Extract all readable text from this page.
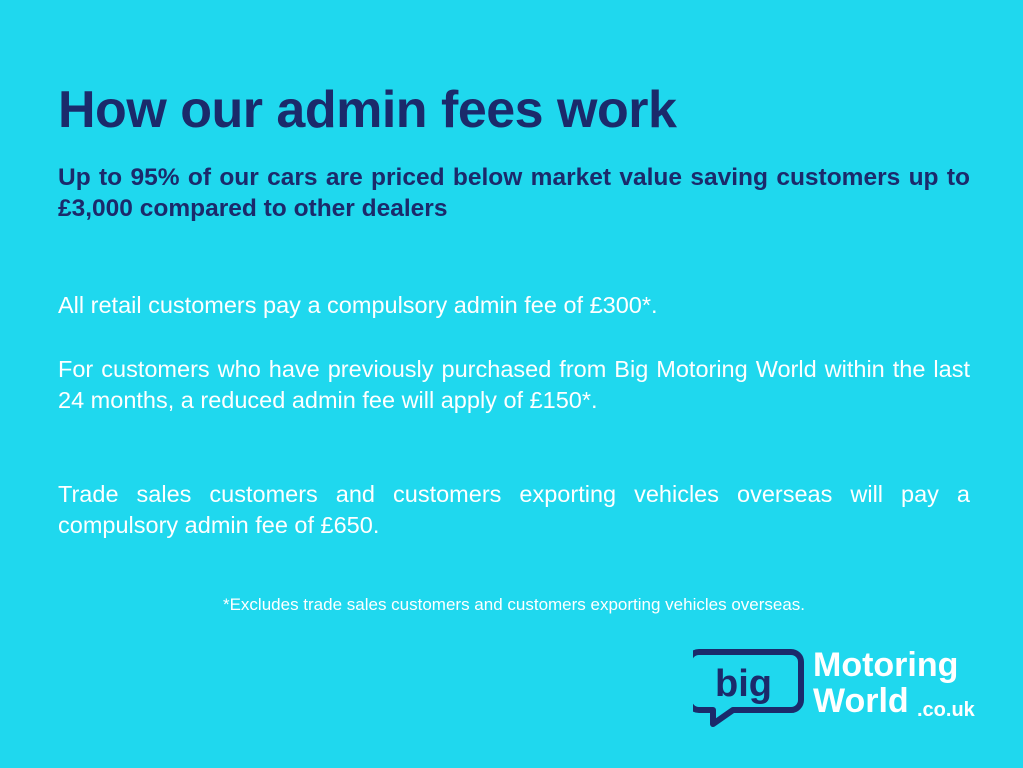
How our admin fees work

Up to 95% of our cars are priced below market value saving customers up to £3,000 compared to other dealers

All retail customers pay a compulsory admin fee of £300*.

For customers who have previously purchased from Big Motoring World within the last 24 months, a reduced admin fee will apply of £150*.

Trade sales customers and customers exporting vehicles overseas will pay a compulsory admin fee of £650.

*Excludes trade sales customers and customers exporting vehicles overseas.

big Motoring
World .co.uk
